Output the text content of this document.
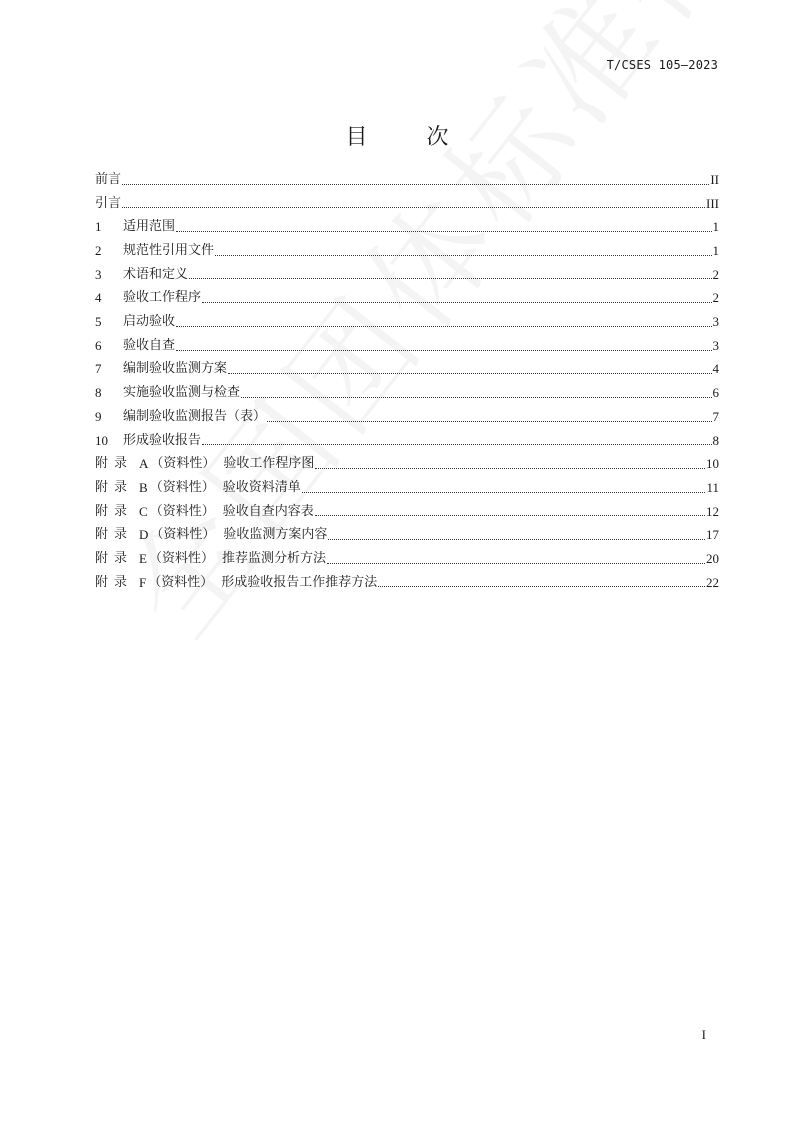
T/CSES 105—2023
目 次
前言	II
引言	III
1	适用范围	1
2	规范性引用文件	1
3	术语和定义	2
4	验收工作程序	2
5	启动验收	3
6	验收自查	3
7	编制验收监测方案	4
8	实施验收监测与检查	6
9	编制验收监测报告（表）	7
10	形成验收报告	8
附录 A （资料性） 验收工作程序图	10
附录 B （资料性） 验收资料清单	11
附录 C （资料性） 验收自查内容表	12
附录 D （资料性） 验收监测方案内容	17
附录 E （资料性） 推荐监测分析方法	20
附录 F （资料性） 形成验收报告工作推荐方法	22
I
